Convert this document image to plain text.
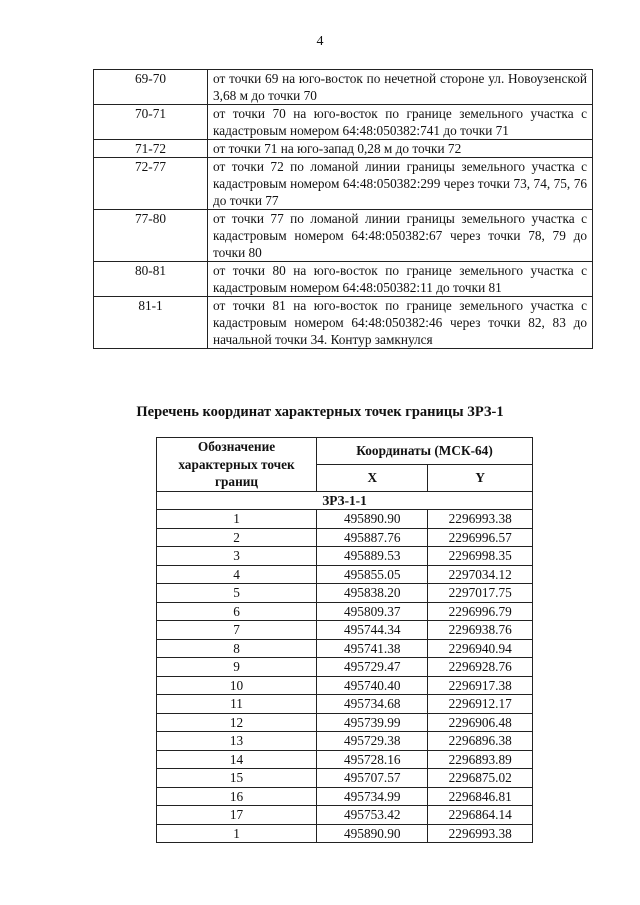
4
69-70	от точки 69 на юго-восток по нечетной стороне ул. Новоузенской 3,68 м до точки 70
70-71	от точки 70 на юго-восток по границе земельного участка с кадастровым номером 64:48:050382:741 до точки 71
71-72	от точки 71 на юго-запад 0,28 м до точки 72
72-77	от точки 72 по ломаной линии границы земельного участка с кадастровым номером 64:48:050382:299 через точки 73, 74, 75, 76 до точки 77
77-80	от точки 77 по ломаной линии границы земельного участка с кадастровым номером 64:48:050382:67 через точки 78, 79 до точки 80
80-81	от точки 80 на юго-восток по границе земельного участка с кадастровым номером 64:48:050382:11 до точки 81
81-1	от точки 81 на юго-восток по границе земельного участка с кадастровым номером 64:48:050382:46 через точки 82, 83 до начальной точки 34. Контур замкнулся
Перечень координат характерных точек границы ЗРЗ-1
Обозначение характерных точек границ	Координаты (МСК-64)	
	X	Y
ЗРЗ-1-1		
1	495890.90	2296993.38
2	495887.76	2296996.57
3	495889.53	2296998.35
4	495855.05	2297034.12
5	495838.20	2297017.75
6	495809.37	2296996.79
7	495744.34	2296938.76
8	495741.38	2296940.94
9	495729.47	2296928.76
10	495740.40	2296917.38
11	495734.68	2296912.17
12	495739.99	2296906.48
13	495729.38	2296896.38
14	495728.16	2296893.89
15	495707.57	2296875.02
16	495734.99	2296846.81
17	495753.42	2296864.14
1	495890.90	2296993.38
